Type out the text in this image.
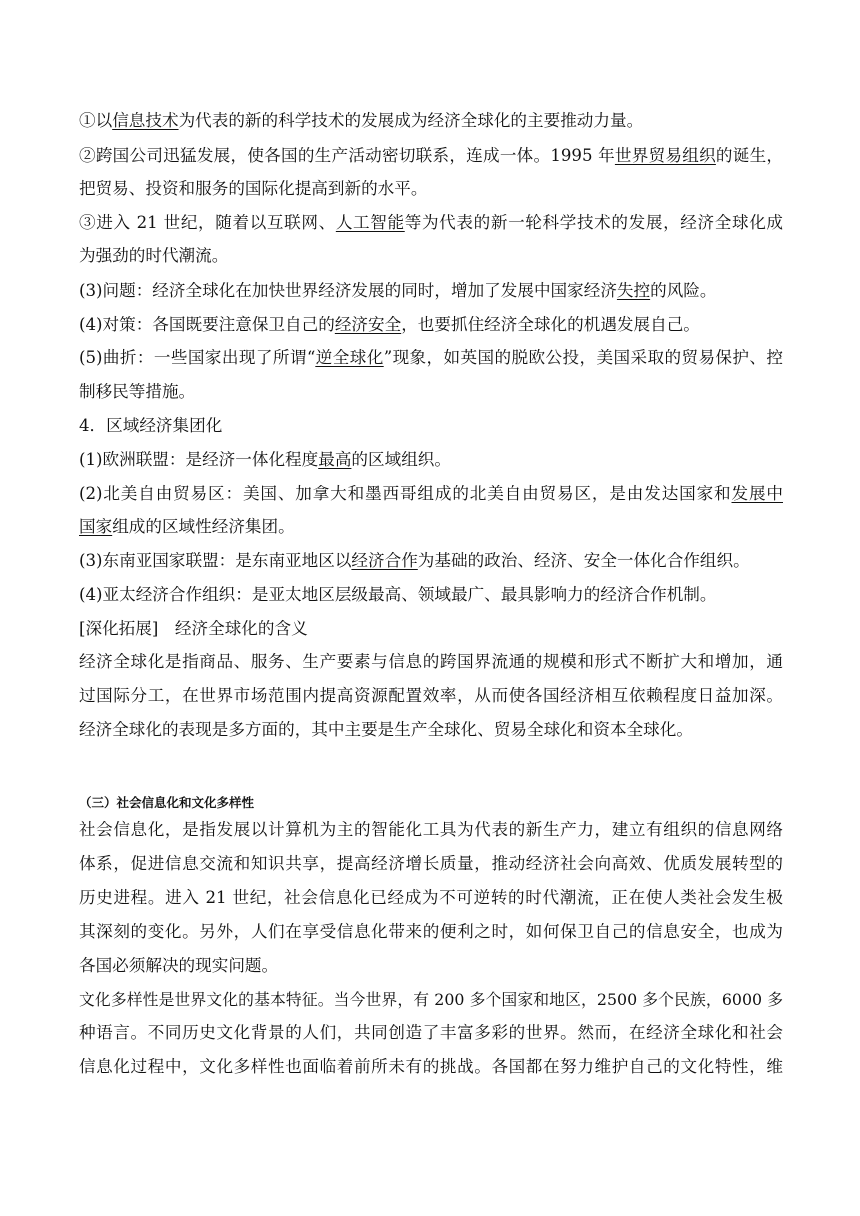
①以信息技术为代表的新的科学技术的发展成为经济全球化的主要推动力量。
②跨国公司迅猛发展，使各国的生产活动密切联系，连成一体。1995 年世界贸易组织的诞生，
把贸易、投资和服务的国际化提高到新的水平。
③进入 21 世纪，随着以互联网、人工智能等为代表的新一轮科学技术的发展，经济全球化成
为强劲的时代潮流。
(3)问题：经济全球化在加快世界经济发展的同时，增加了发展中国家经济失控的风险。
(4)对策：各国既要注意保卫自己的经济安全，也要抓住经济全球化的机遇发展自己。
(5)曲折：一些国家出现了所谓“逆全球化”现象，如英国的脱欧公投，美国采取的贸易保护、控
制移民等措施。
4．区域经济集团化
(1)欧洲联盟：是经济一体化程度最高的区域组织。
(2)北美自由贸易区：美国、加拿大和墨西哥组成的北美自由贸易区，是由发达国家和发展中
国家组成的区域性经济集团。
(3)东南亚国家联盟：是东南亚地区以经济合作为基础的政治、经济、安全一体化合作组织。
(4)亚太经济合作组织：是亚太地区层级最高、领域最广、最具影响力的经济合作机制。
[深化拓展]　经济全球化的含义
经济全球化是指商品、服务、生产要素与信息的跨国界流通的规模和形式不断扩大和增加，通
过国际分工，在世界市场范围内提高资源配置效率，从而使各国经济相互依赖程度日益加深。
经济全球化的表现是多方面的，其中主要是生产全球化、贸易全球化和资本全球化。
（三）社会信息化和文化多样性
社会信息化，是指发展以计算机为主的智能化工具为代表的新生产力，建立有组织的信息网络
体系，促进信息交流和知识共享，提高经济增长质量，推动经济社会向高效、优质发展转型的
历史进程。进入 21 世纪，社会信息化已经成为不可逆转的时代潮流，正在使人类社会发生极
其深刻的变化。另外，人们在享受信息化带来的便利之时，如何保卫自己的信息安全，也成为
各国必须解决的现实问题。
文化多样性是世界文化的基本特征。当今世界，有 200 多个国家和地区，2500 多个民族，6000 多
种语言。不同历史文化背景的人们，共同创造了丰富多彩的世界。然而，在经济全球化和社会
信息化过程中，文化多样性也面临着前所未有的挑战。各国都在努力维护自己的文化特性，维
